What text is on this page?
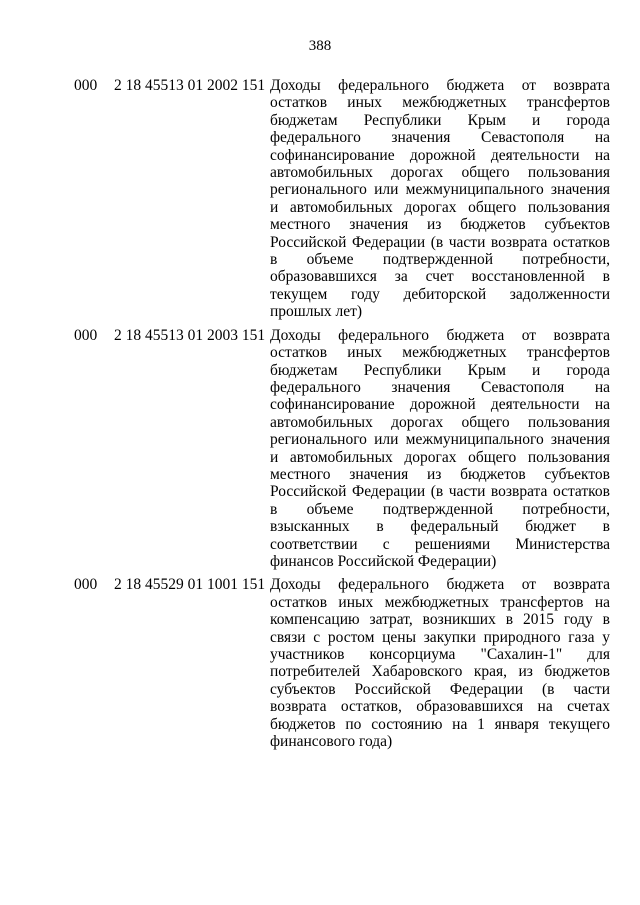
388
000	2 18 45513 01 2002 151 Доходы федерального бюджета от возврата остатков иных межбюджетных трансфертов бюджетам Республики Крым и города федерального значения Севастополя на софинансирование дорожной деятельности на автомобильных дорогах общего пользования регионального или межмуниципального значения и автомобильных дорогах общего пользования местного значения из бюджетов субъектов Российской Федерации (в части возврата остатков в объеме подтвержденной потребности, образовавшихся за счет восстановленной в текущем году дебиторской задолженности прошлых лет)
000	2 18 45513 01 2003 151 Доходы федерального бюджета от возврата остатков иных межбюджетных трансфертов бюджетам Республики Крым и города федерального значения Севастополя на софинансирование дорожной деятельности на автомобильных дорогах общего пользования регионального или межмуниципального значения и автомобильных дорогах общего пользования местного значения из бюджетов субъектов Российской Федерации (в части возврата остатков в объеме подтвержденной потребности, взысканных в федеральный бюджет в соответствии с решениями Министерства финансов Российской Федерации)
000	2 18 45529 01 1001 151 Доходы федерального бюджета от возврата остатков иных межбюджетных трансфертов на компенсацию затрат, возникших в 2015 году в связи с ростом цены закупки природного газа у участников консорциума "Сахалин-1" для потребителей Хабаровского края, из бюджетов субъектов Российской Федерации (в части возврата остатков, образовавшихся на счетах бюджетов по состоянию на 1 января текущего финансового года)
